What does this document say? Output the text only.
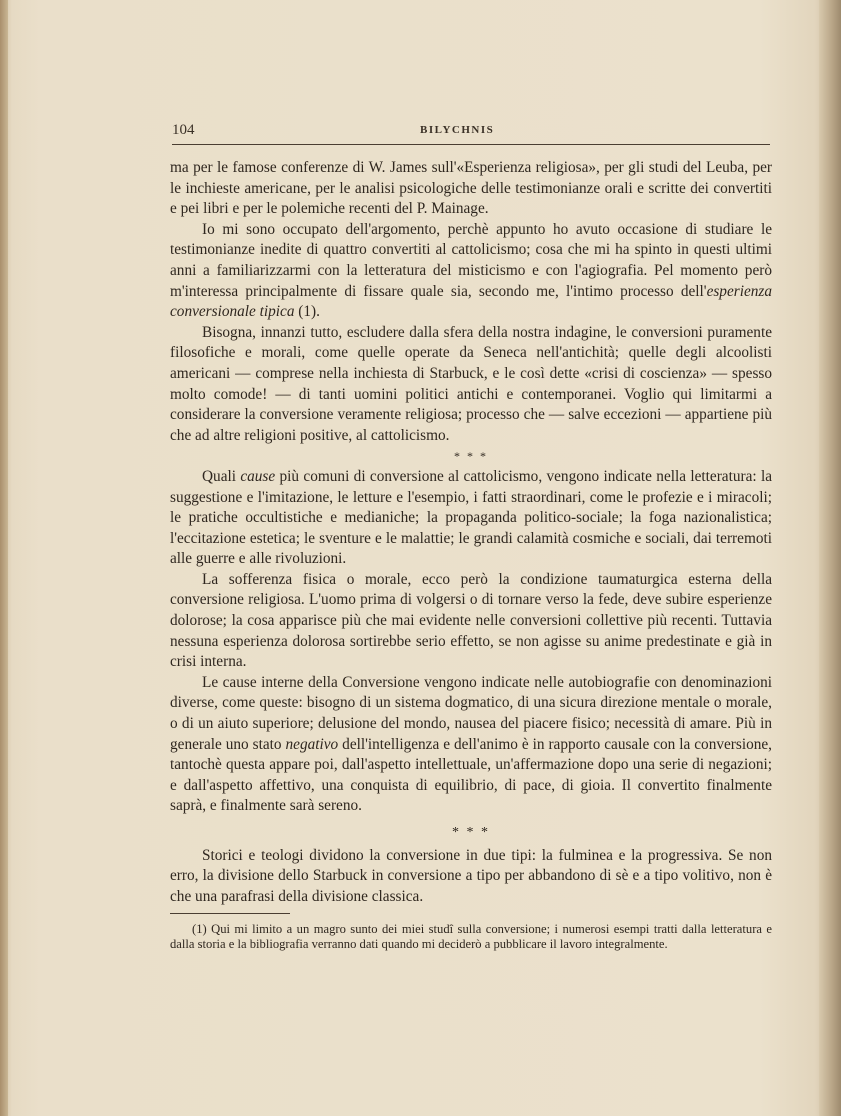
104	BILYCHNIS

ma per le famose conferenze di W. James sull'«Esperienza religiosa», per gli studi del Leuba, per le inchieste americane, per le analisi psicologiche delle testimonianze orali e scritte dei convertiti e pei libri e per le polemiche recenti del P. Mainage.

Io mi sono occupato dell'argomento, perchè appunto ho avuto occasione di studiare le testimonianze inedite di quattro convertiti al cattolicismo; cosa che mi ha spinto in questi ultimi anni a familiarizzarmi con la letteratura del misticismo e con l'agiografia. Pel momento però m'interessa principalmente di fissare quale sia, secondo me, l'intimo processo dell'esperienza conversionale tipica (1).

Bisogna, innanzi tutto, escludere dalla sfera della nostra indagine, le conversioni puramente filosofiche e morali, come quelle operate da Seneca nell'antichità; quelle degli alcoolisti americani — comprese nella inchiesta di Starbuck, e le così dette «crisi di coscienza» — spesso molto comode! — di tanti uomini politici antichi e contemporanei. Voglio qui limitarmi a considerare la conversione veramente religiosa; processo che — salve eccezioni — appartiene più che ad altre religioni positive, al cattolicismo.

* * *

Quali cause più comuni di conversione al cattolicismo, vengono indicate nella letteratura: la suggestione e l'imitazione, le letture e l'esempio, i fatti straordinari, come le profezie e i miracoli; le pratiche occultistiche e medianiche; la propaganda politico-sociale; la foga nazionalistica; l'eccitazione estetica; le sventure e le malattie; le grandi calamità cosmiche e sociali, dai terremoti alle guerre e alle rivoluzioni.

La sofferenza fisica o morale, ecco però la condizione taumaturgica esterna della conversione religiosa. L'uomo prima di volgersi o di tornare verso la fede, deve subire esperienze dolorose; la cosa apparisce più che mai evidente nelle conversioni collettive più recenti. Tuttavia nessuna esperienza dolorosa sortirebbe serio effetto, se non agisse su anime predestinate e già in crisi interna.

Le cause interne della Conversione vengono indicate nelle autobiografie con denominazioni diverse, come queste: bisogno di un sistema dogmatico, di una sicura direzione mentale o morale, o di un aiuto superiore; delusione del mondo, nausea del piacere fisico; necessità di amare. Più in generale uno stato negativo dell'intelligenza e dell'animo è in rapporto causale con la conversione, tantochè questa appare poi, dall'aspetto intellettuale, un'affermazione dopo una serie di negazioni; e dall'aspetto affettivo, una conquista di equilibrio, di pace, di gioia. Il convertito finalmente saprà, e finalmente sarà sereno.

* * *

Storici e teologi dividono la conversione in due tipi: la fulminea e la progressiva. Se non erro, la divisione dello Starbuck in conversione a tipo per abbandono di sè e a tipo volitivo, non è che una parafrasi della divisione classica.

(1) Qui mi limito a un magro sunto dei miei studî sulla conversione; i numerosi esempi tratti dalla letteratura e dalla storia e la bibliografia verranno dati quando mi deciderò a pubblicare il lavoro integralmente.
